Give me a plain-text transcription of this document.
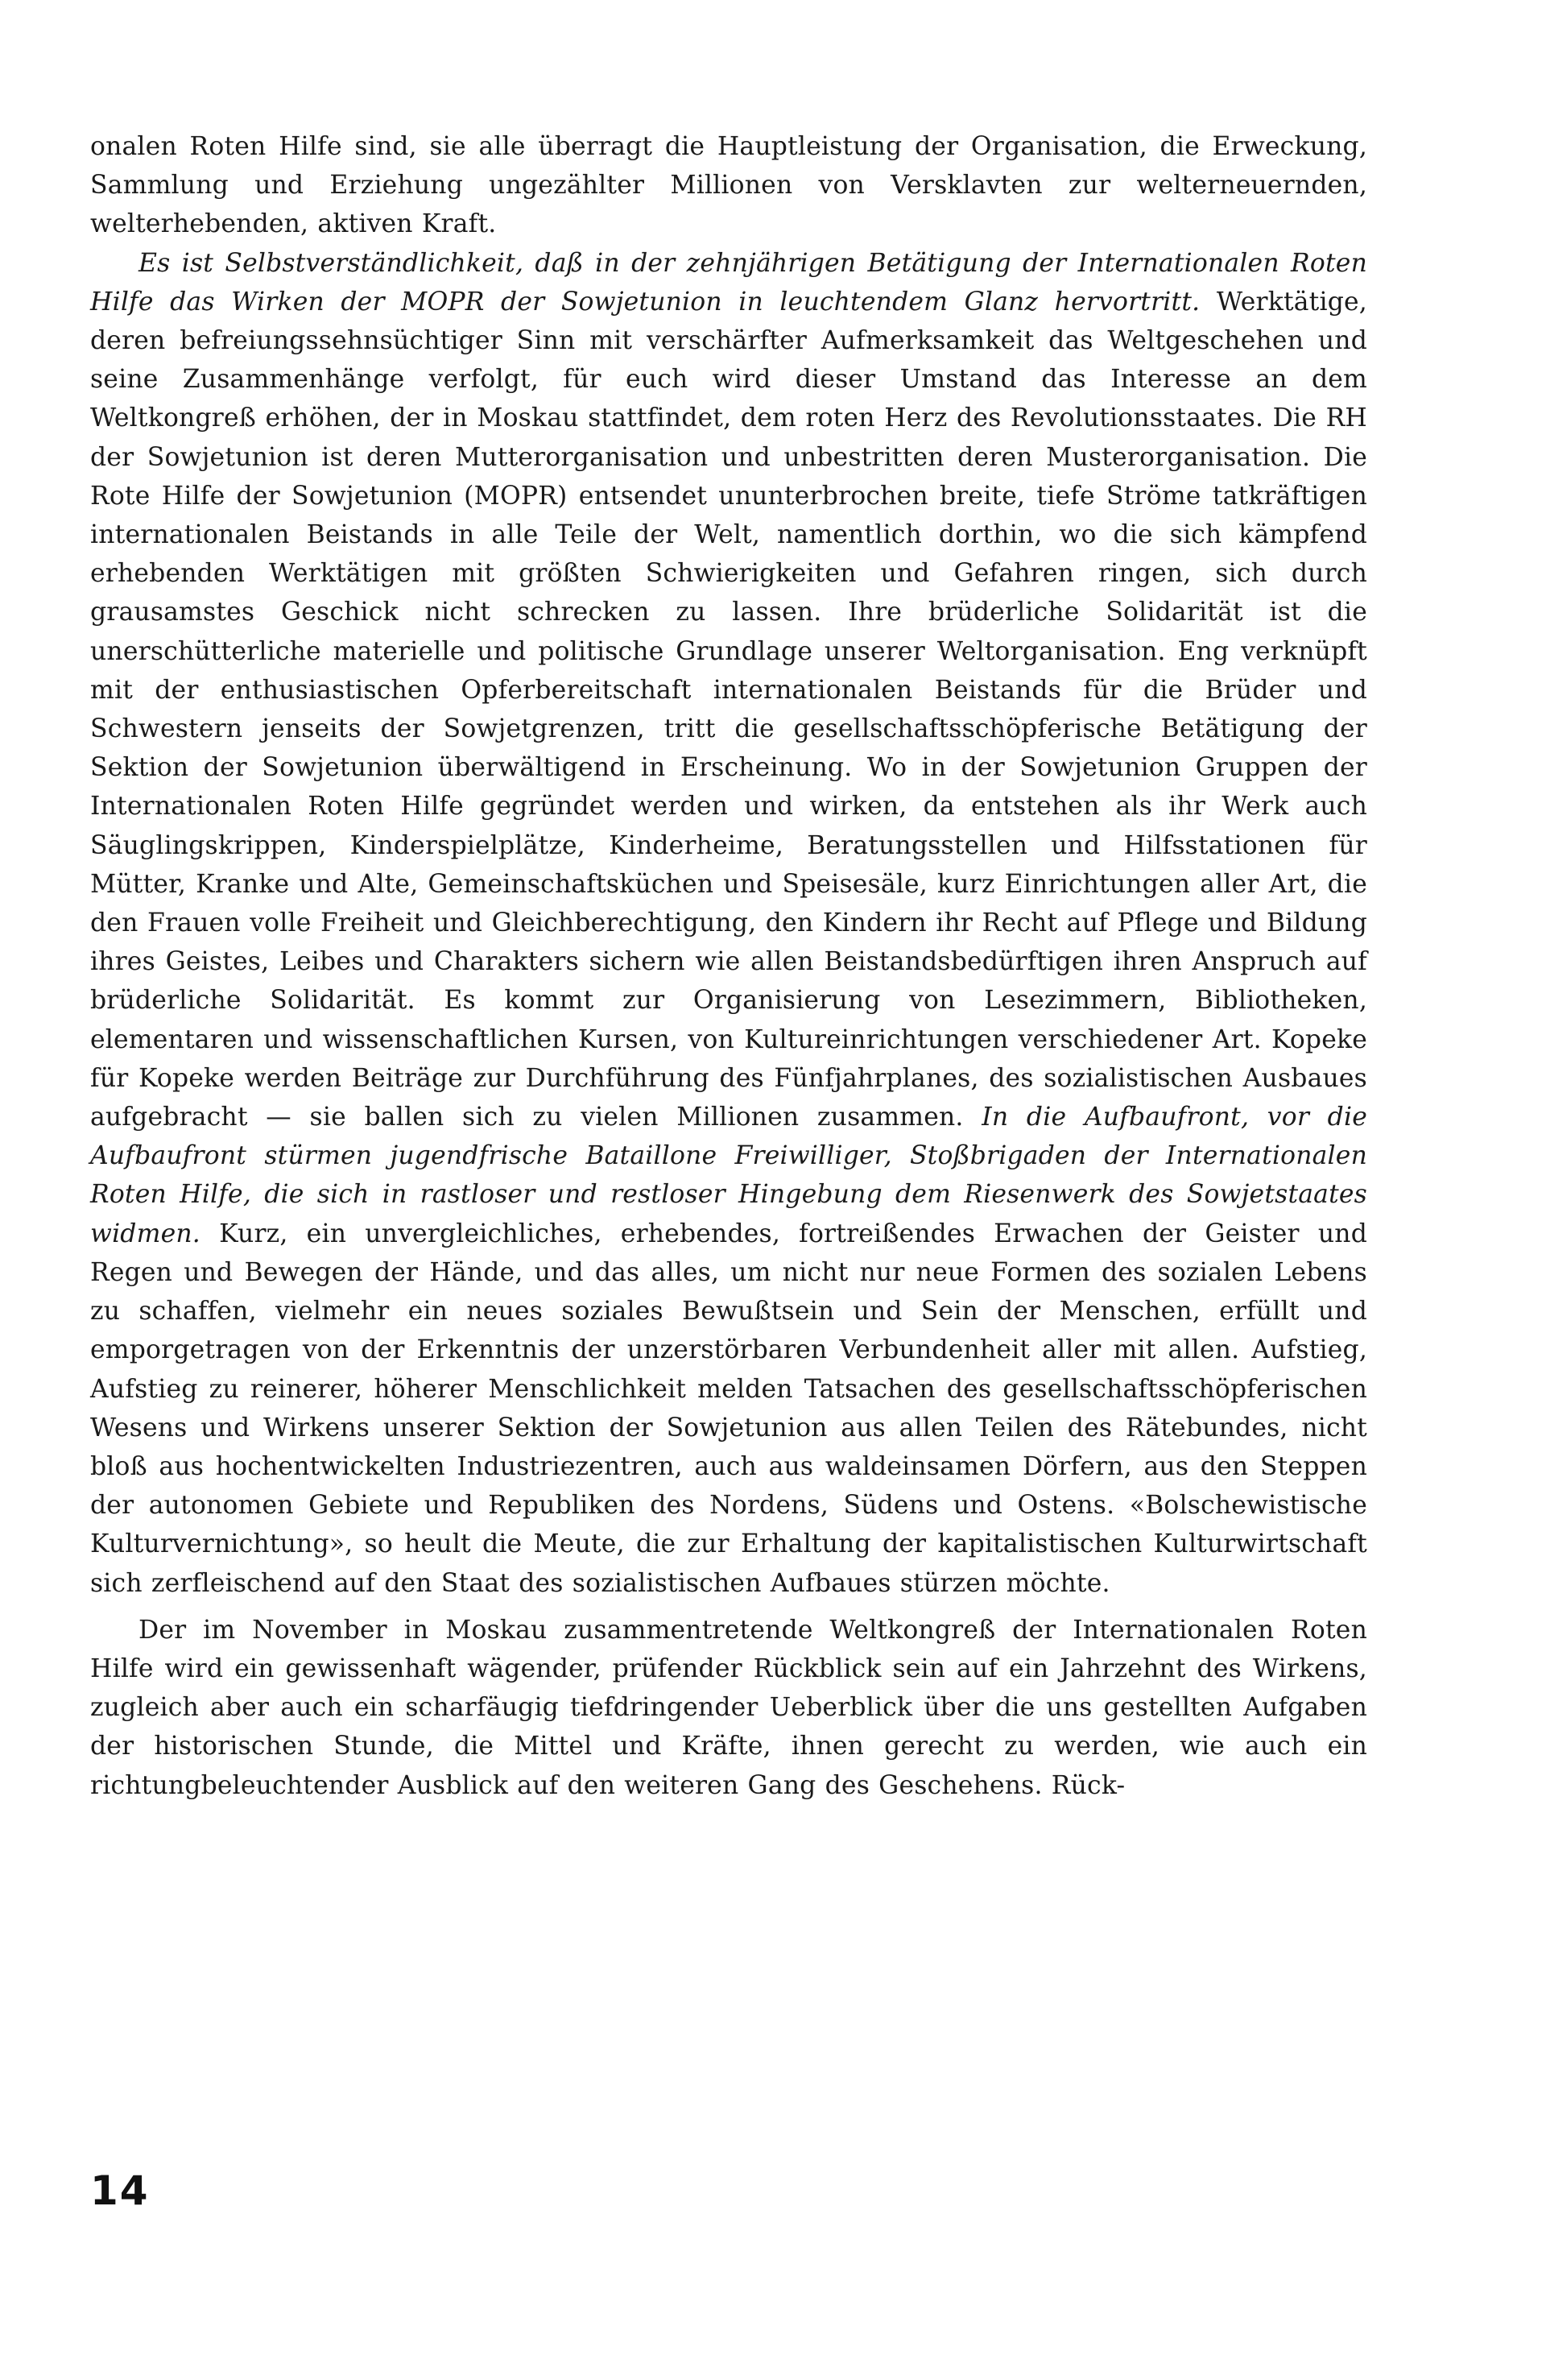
onalen Roten Hilfe sind, sie alle überragt die Hauptleistung der Organisation, die Erweckung, Sammlung und Erziehung ungezählter Millionen von Versklavten zur welterneuernden, welterhebenden, aktiven Kraft.

Es ist Selbstverständlichkeit, daß in der zehnjährigen Betätigung der Internationalen Roten Hilfe das Wirken der MOPR der Sowjetunion in leuchtendem Glanz hervortritt. Werktätige, deren befreiungssehnsüchtiger Sinn mit verschärfter Aufmerksamkeit das Weltgeschehen und seine Zusammenhänge verfolgt, für euch wird dieser Umstand das Interesse an dem Weltkongreß erhöhen, der in Moskau stattfindet, dem roten Herz des Revolutionsstaates. Die RH der Sowjetunion ist deren Mutterorganisation und unbestritten deren Musterorganisation. Die Rote Hilfe der Sowjetunion (MOPR) entsendet ununterbrochen breite, tiefe Ströme tatkräftigen internationalen Beistands in alle Teile der Welt, namentlich dorthin, wo die sich kämpfend erhebenden Werktätigen mit größten Schwierigkeiten und Gefahren ringen, sich durch grausamstes Geschick nicht schrecken zu lassen. Ihre brüderliche Solidarität ist die unerschütterliche materielle und politische Grundlage unserer Weltorganisation. Eng verknüpft mit der enthusiastischen Opferbereitschaft internationalen Beistands für die Brüder und Schwestern jenseits der Sowjetgrenzen, tritt die gesellschaftsschöpferische Betätigung der Sektion der Sowjetunion überwältigend in Erscheinung. Wo in der Sowjetunion Gruppen der Internationalen Roten Hilfe gegründet werden und wirken, da entstehen als ihr Werk auch Säuglingskrippen, Kinderspielplätze, Kinderheime, Beratungsstellen und Hilfsstationen für Mütter, Kranke und Alte, Gemeinschaftsküchen und Speisesäle, kurz Einrichtungen aller Art, die den Frauen volle Freiheit und Gleichberechtigung, den Kindern ihr Recht auf Pflege und Bildung ihres Geistes, Leibes und Charakters sichern wie allen Beistandsbedürftigen ihren Anspruch auf brüderliche Solidarität. Es kommt zur Organisierung von Lesezimmern, Bibliotheken, elementaren und wissenschaftlichen Kursen, von Kultureinrichtungen verschiedener Art. Kopeke für Kopeke werden Beiträge zur Durchführung des Fünfjahrplanes, des sozialistischen Ausbaues aufgebracht — sie ballen sich zu vielen Millionen zusammen. In die Aufbaufront, vor die Aufbaufront stürmen jugendfrische Bataillone Freiwilliger, Stoßbrigaden der Internationalen Roten Hilfe, die sich in rastloser und restloser Hingebung dem Riesenwerk des Sowjetstaates widmen. Kurz, ein unvergleichliches, erhebendes, fortreißendes Erwachen der Geister und Regen und Bewegen der Hände, und das alles, um nicht nur neue Formen des sozialen Lebens zu schaffen, vielmehr ein neues soziales Bewußtsein und Sein der Menschen, erfüllt und emporgetragen von der Erkenntnis der unzerstörbaren Verbundenheit aller mit allen. Aufstieg, Aufstieg zu reinerer, höherer Menschlichkeit melden Tatsachen des gesellschaftsschöpferischen Wesens und Wirkens unserer Sektion der Sowjetunion aus allen Teilen des Rätebundes, nicht bloß aus hochentwickelten Industriezentren, auch aus waldeinsamen Dörfern, aus den Steppen der autonomen Gebiete und Republiken des Nordens, Südens und Ostens. «Bolschewistische Kulturvernichtung», so heult die Meute, die zur Erhaltung der kapitalistischen Kulturwirtschaft sich zerfleischend auf den Staat des sozialistischen Aufbaues stürzen möchte.

Der im November in Moskau zusammentretende Weltkongreß der Internationalen Roten Hilfe wird ein gewissenhaft wägender, prüfender Rückblick sein auf ein Jahrzehnt des Wirkens, zugleich aber auch ein scharfäugig tiefdringender Ueberblick über die uns gestellten Aufgaben der historischen Stunde, die Mittel und Kräfte, ihnen gerecht zu werden, wie auch ein richtungbeleuchtender Ausblick auf den weiteren Gang des Geschehens. Rück-

14
